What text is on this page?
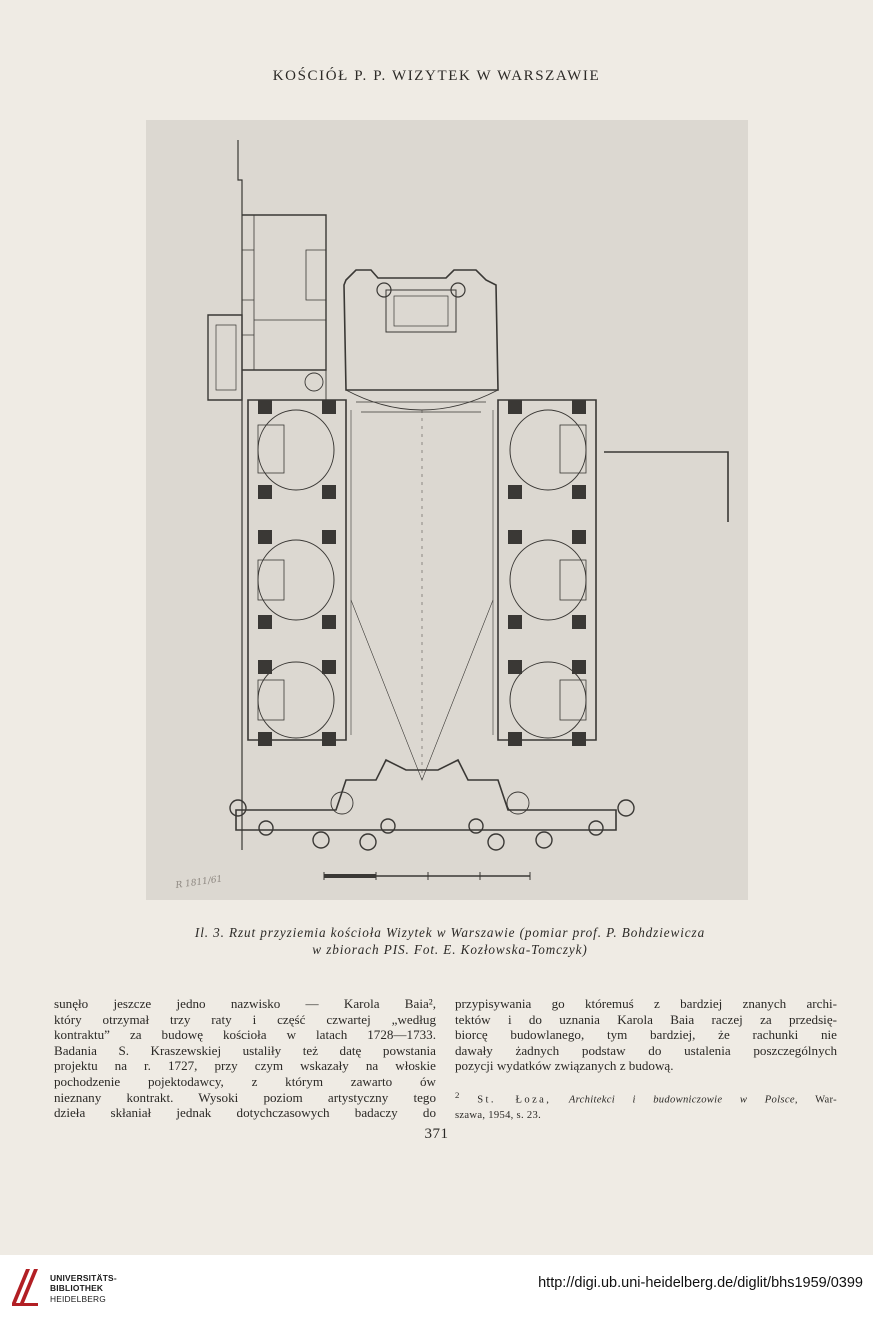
KOŚCIÓŁ P. P. WIZYTEK W WARSZAWIE
R 1811/61
Il. 3. Rzut przyziemia kościoła Wizytek w Warszawie (pomiar prof. P. Bohdziewicza
w zbiorach PIS. Fot. E. Kozłowska-Tomczyk)
sunęło jeszcze jedno nazwisko — Karola Baia²,
który otrzymał trzy raty i część czwartej „według
kontraktu” za budowę kościoła w latach 1728—1733.
Badania S. Kraszewskiej ustaliły też datę powstania
projektu na r. 1727, przy czym wskazały na włoskie
pochodzenie pojektodawcy, z którym zawarto ów
nieznany kontrakt. Wysoki poziom artystyczny tego
dzieła skłaniał jednak dotychczasowych badaczy do
przypisywania go któremuś z bardziej znanych archi-
tektów i do uznania Karola Baia raczej za przedsię-
biorcę budowlanego, tym bardziej, że rachunki nie
dawały żadnych podstaw do ustalenia poszczególnych
pozycji wydatków związanych z budową.
$^2$ St. Łoza, Architekci i budowniczowie w Polsce, War-
szawa, 1954, s. 23.
371
UNIVERSITÄTS-
BIBLIOTHEK
HEIDELBERG
http://digi.ub.uni-heidelberg.de/diglit/bhs1959/0399
